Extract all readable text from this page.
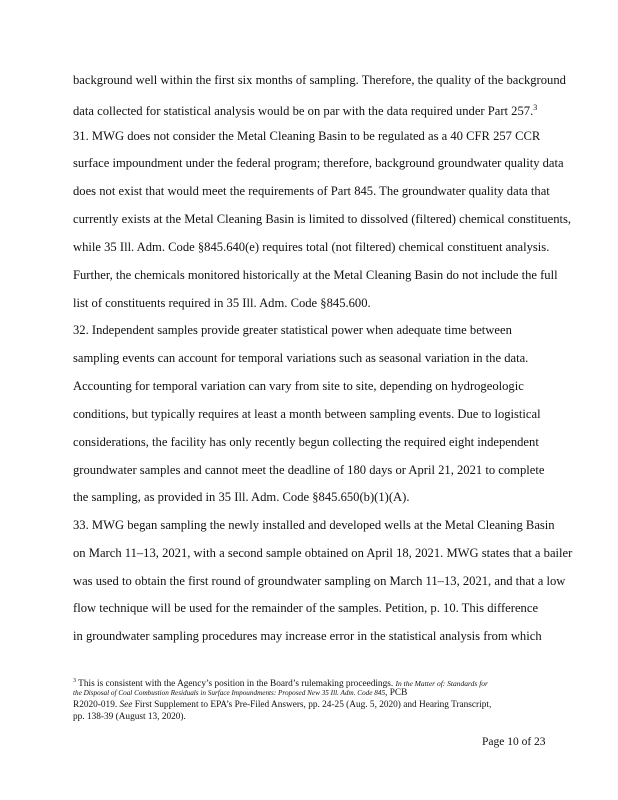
background well within the first six months of sampling. Therefore, the quality of the background
data collected for statistical analysis would be on par with the data required under Part 257.$^3$
31. MWG does not consider the Metal Cleaning Basin to be regulated as a 40 CFR 257 CCR
surface impoundment under the federal program; therefore, background groundwater quality data
does not exist that would meet the requirements of Part 845. The groundwater quality data that
currently exists at the Metal Cleaning Basin is limited to dissolved (filtered) chemical constituents,
while 35 Ill. Adm. Code §845.640(e) requires total (not filtered) chemical constituent analysis.
Further, the chemicals monitored historically at the Metal Cleaning Basin do not include the full
list of constituents required in 35 Ill. Adm. Code §845.600.
32. Independent samples provide greater statistical power when adequate time between
sampling events can account for temporal variations such as seasonal variation in the data.
Accounting for temporal variation can vary from site to site, depending on hydrogeologic
conditions, but typically requires at least a month between sampling events. Due to logistical
considerations, the facility has only recently begun collecting the required eight independent
groundwater samples and cannot meet the deadline of 180 days or April 21, 2021 to complete
the sampling, as provided in 35 Ill. Adm. Code §845.650(b)(1)(A).
33. MWG began sampling the newly installed and developed wells at the Metal Cleaning Basin
on March 11–13, 2021, with a second sample obtained on April 18, 2021. MWG states that a bailer
was used to obtain the first round of groundwater sampling on March 11–13, 2021, and that a low
flow technique will be used for the remainder of the samples. Petition, p. 10. This difference
in groundwater sampling procedures may increase error in the statistical analysis from which
$^3$ This is consistent with the Agency’s position in the Board’s rulemaking proceedings. In the Matter of: Standards for
the Disposal of Coal Combustion Residuals in Surface Impoundments: Proposed New 35 Ill. Adm. Code 845, PCB
R2020-019. See First Supplement to EPA’s Pre-Filed Answers, pp. 24-25 (Aug. 5, 2020) and Hearing Transcript,
pp. 138-39 (August 13, 2020).
Page 10 of 23
